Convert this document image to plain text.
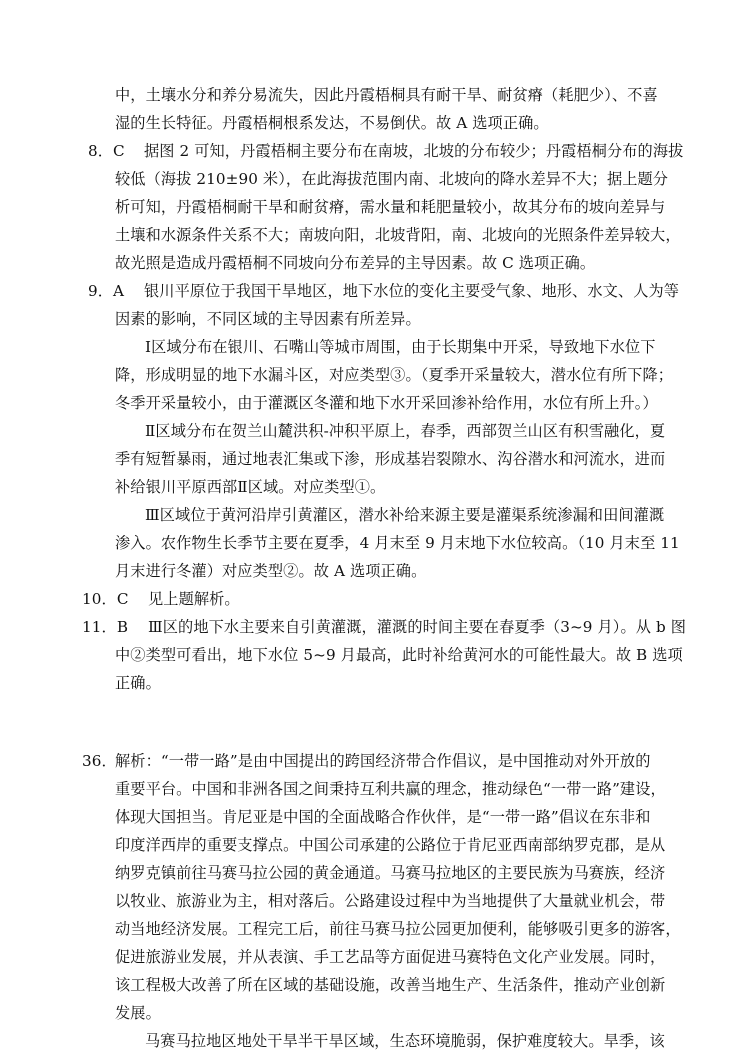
中，土壤水分和养分易流失，因此丹霞梧桐具有耐干旱、耐贫瘠（耗肥少）、不喜

湿的生长特征。丹霞梧桐根系发达，不易倒伏。故 A 选项正确。

8．C 据图 2 可知，丹霞梧桐主要分布在南坡，北坡的分布较少；丹霞梧桐分布的海拔

较低（海拔 210±90 米），在此海拔范围内南、北坡向的降水差异不大；据上题分

析可知，丹霞梧桐耐干旱和耐贫瘠，需水量和耗肥量较小，故其分布的坡向差异与

土壤和水源条件关系不大；南坡向阳，北坡背阳，南、北坡向的光照条件差异较大，

故光照是造成丹霞梧桐不同坡向分布差异的主导因素。故 C 选项正确。

9．A 银川平原位于我国干旱地区，地下水位的变化主要受气象、地形、水文、人为等

因素的影响，不同区域的主导因素有所差异。

Ⅰ区域分布在银川、石嘴山等城市周围，由于长期集中开采，导致地下水位下

降，形成明显的地下水漏斗区，对应类型③。（夏季开采量较大，潜水位有所下降；

冬季开采量较小，由于灌溉区冬灌和地下水开采回渗补给作用，水位有所上升。）

Ⅱ区域分布在贺兰山麓洪积-冲积平原上，春季，西部贺兰山区有积雪融化，夏

季有短暂暴雨，通过地表汇集或下渗，形成基岩裂隙水、沟谷潜水和河流水，进而

补给银川平原西部Ⅱ区域。对应类型①。

Ⅲ区域位于黄河沿岸引黄灌区，潜水补给来源主要是灌渠系统渗漏和田间灌溉

渗入。农作物生长季节主要在夏季，4 月末至 9 月末地下水位较高。（10 月末至 11

月末进行冬灌）对应类型②。故 A 选项正确。

10．C 见上题解析。

11．B Ⅲ区的地下水主要来自引黄灌溉，灌溉的时间主要在春夏季（3~9 月）。从 b 图

中②类型可看出，地下水位 5~9 月最高，此时补给黄河水的可能性最大。故 B 选项

正确。

36．

解析：“一带一路”是由中国提出的跨国经济带合作倡议，是中国推动对外开放的

重要平台。中国和非洲各国之间秉持互利共赢的理念，推动绿色“一带一路”建设，

体现大国担当。肯尼亚是中国的全面战略合作伙伴，是“一带一路”倡议在东非和

印度洋西岸的重要支撑点。中国公司承建的公路位于肯尼亚西南部纳罗克郡，是从

纳罗克镇前往马赛马拉公园的黄金通道。马赛马拉地区的主要民族为马赛族，经济

以牧业、旅游业为主，相对落后。公路建设过程中为当地提供了大量就业机会，带

动当地经济发展。工程完工后，前往马赛马拉公园更加便利，能够吸引更多的游客，

促进旅游业发展，并从表演、手工艺品等方面促进马赛特色文化产业发展。同时，

该工程极大改善了所在区域的基础设施，改善当地生产、生活条件，推动产业创新

发展。

马赛马拉地区地处干旱半干旱区域，生态环境脆弱，保护难度较大。旱季，该
